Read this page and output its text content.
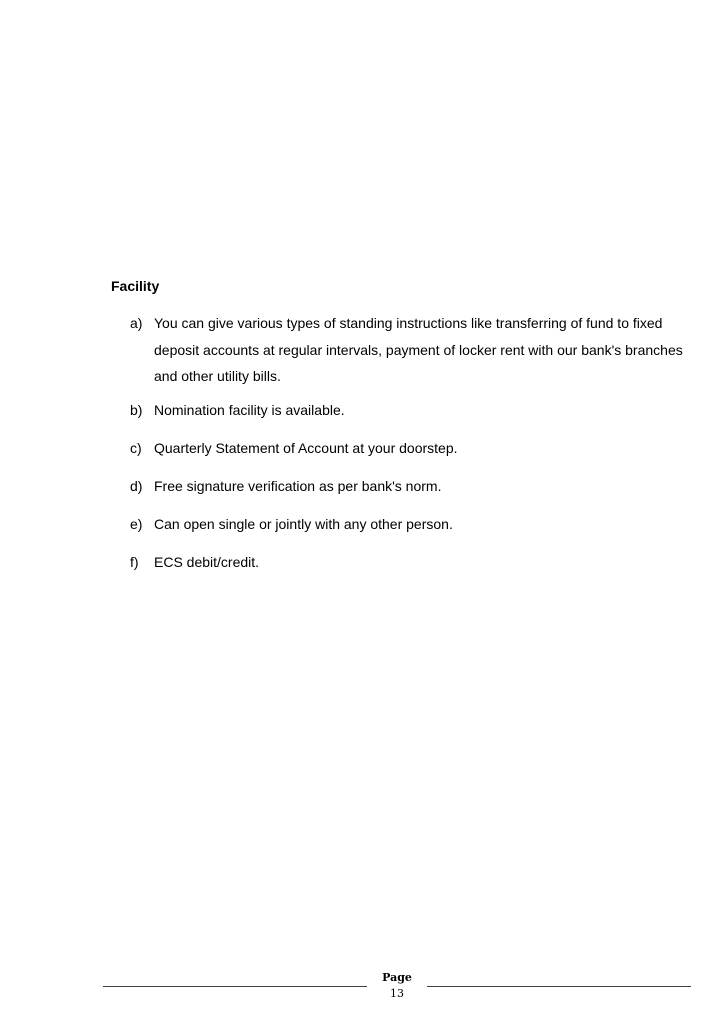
Facility
a) You can give various types of standing instructions like transferring of fund to fixed deposit accounts at regular intervals, payment of locker rent with our bank's branches and other utility bills.
b) Nomination facility is available.
c) Quarterly Statement of Account at your doorstep.
d) Free signature verification as per bank's norm.
e) Can open single or jointly with any other person.
f) ECS debit/credit.
Page
13
